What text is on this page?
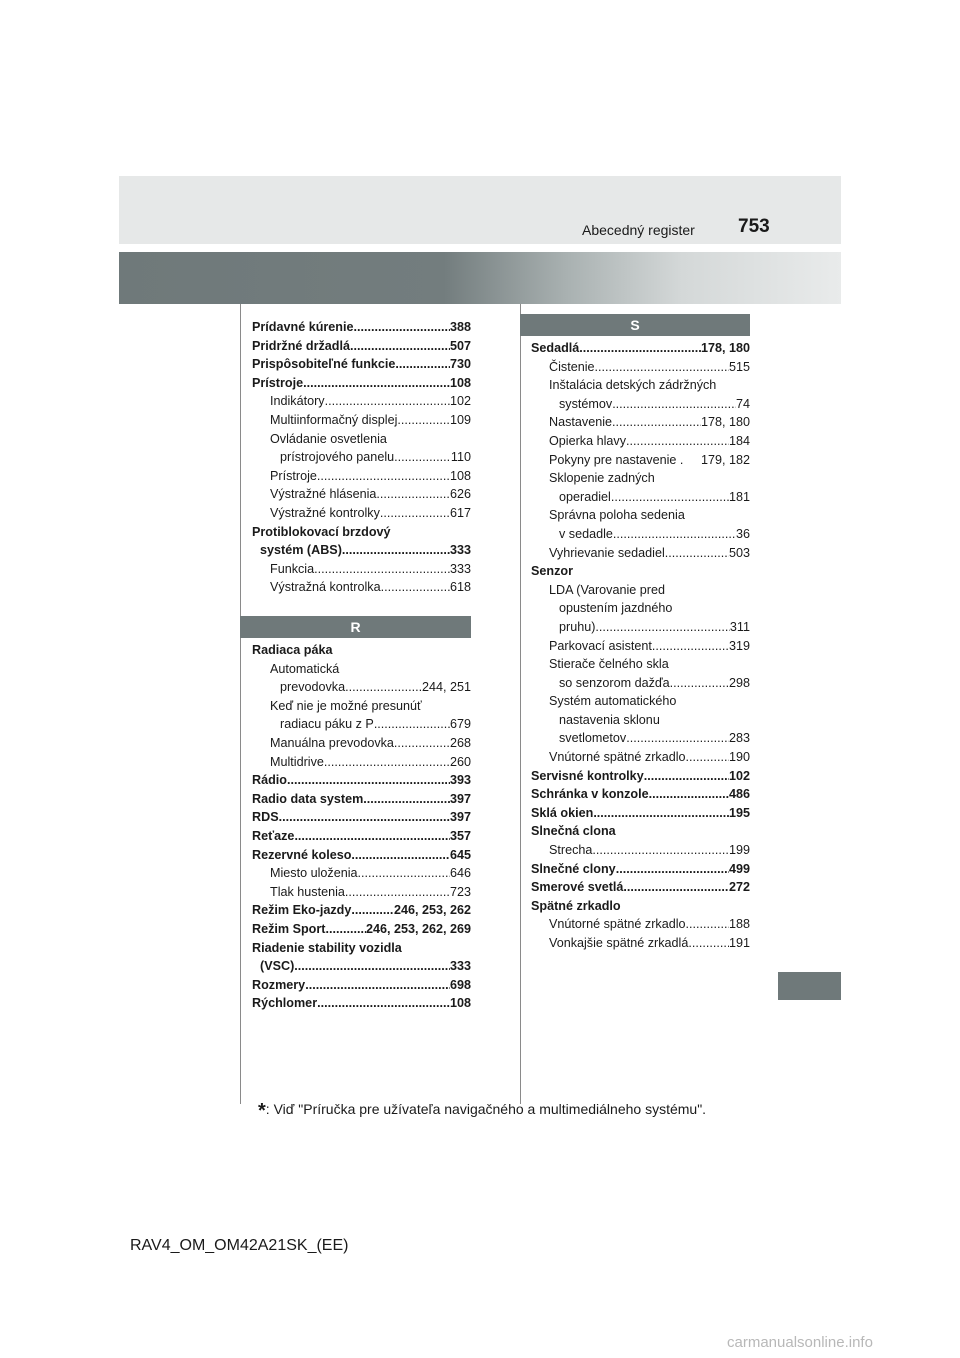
Abecedný register 753
Prídavné kúrenie .....	388
Pridržné držadlá .....	507
Prispôsobiteľné funkcie .....	730
Prístroje .....	108
Indikátory .....	102
Multiinformačný displej .....	109
Ovládanie osvetlenia
prístrojového panelu .....	110
Prístroje .....	108
Výstražné hlásenia .....	626
Výstražné kontrolky .....	617
Protiblokovací brzdový
systém (ABS) .....	333
Funkcia .....	333
Výstražná kontrolka .....	618
R
Radiaca páka
Automatická
prevodovka .....	244, 251
Keď nie je možné presunúť
radiacu páku z P .....	679
Manuálna prevodovka .....	268
Multidrive .....	260
Rádio .....	393
Radio data system .....	397
RDS .....	397
Reťaze .....	357
Rezervné koleso .....	645
Miesto uloženia .....	646
Tlak hustenia .....	723
Režim Eko-jazdy .....	246, 253, 262
Režim Sport .....	246, 253, 262, 269
Riadenie stability vozidla
(VSC) .....	333
Rozmery .....	698
Rýchlomer .....	108
S
Sedadlá .....	178, 180
Čistenie .....	515
Inštalácia detských zádržných
systémov .....	74
Nastavenie .....	178, 180
Opierka hlavy .....	184
Pokyny pre nastavenie . 179, 182
Sklopenie zadných
operadiel .....	181
Správna poloha sedenia
v sedadle .....	36
Vyhrievanie sedadiel .....	503
Senzor
LDA (Varovanie pred
opustením jazdného
pruhu) .....	311
Parkovací asistent .....	319
Stierače čelného skla
so senzorom dažďa .....	298
Systém automatického
nastavenia sklonu
svetlometov .....	283
Vnútorné spätné zrkadlo .....	190
Servisné kontrolky .....	102
Schránka v konzole .....	486
Sklá okien .....	195
Slnečná clona
Strecha .....	199
Slnečné clony .....	499
Smerové svetlá .....	272
Spätné zrkadlo
Vnútorné spätné zrkadlo .....	188
Vonkajšie spätné zrkadlá .....	191
*: Viď "Príručka pre užívateľa navigačného a multimediálneho systému".
RAV4_OM_OM42A21SK_(EE)
carmanualsonline.info
